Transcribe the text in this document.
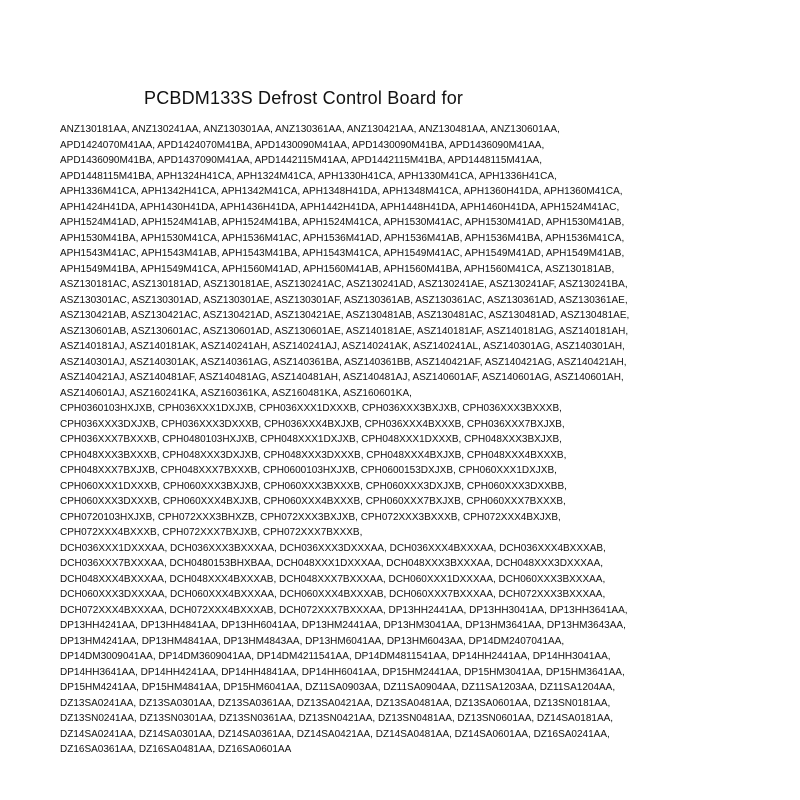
PCBDM133S Defrost Control Board for
ANZ130181AA, ANZ130241AA, ANZ130301AA, ANZ130361AA, ANZ130421AA, ANZ130481AA, ANZ130601AA,
APD1424070M41AA, APD1424070M41BA, APD1430090M41AA, APD1430090M41BA, APD1436090M41AA,
APD1436090M41BA, APD1437090M41AA, APD1442115M41AA, APD1442115M41BA, APD1448115M41AA,
APD1448115M41BA, APH1324H41CA, APH1324M41CA, APH1330H41CA, APH1330M41CA, APH1336H41CA,
APH1336M41CA, APH1342H41CA, APH1342M41CA, APH1348H41DA, APH1348M41CA, APH1360H41DA, APH1360M41CA,
APH1424H41DA, APH1430H41DA, APH1436H41DA, APH1442H41DA, APH1448H41DA, APH1460H41DA, APH1524M41AC,
APH1524M41AD, APH1524M41AB, APH1524M41BA, APH1524M41CA, APH1530M41AC, APH1530M41AD, APH1530M41AB,
APH1530M41BA, APH1530M41CA, APH1536M41AC, APH1536M41AD, APH1536M41AB, APH1536M41BA, APH1536M41CA,
APH1543M41AC, APH1543M41AB, APH1543M41BA, APH1543M41CA, APH1549M41AC, APH1549M41AD, APH1549M41AB,
APH1549M41BA, APH1549M41CA, APH1560M41AD, APH1560M41AB, APH1560M41BA, APH1560M41CA, ASZ130181AB,
ASZ130181AC, ASZ130181AD, ASZ130181AE, ASZ130241AC, ASZ130241AD, ASZ130241AE, ASZ130241AF, ASZ130241BA,
ASZ130301AC, ASZ130301AD, ASZ130301AE, ASZ130301AF, ASZ130361AB, ASZ130361AC, ASZ130361AD, ASZ130361AE,
ASZ130421AB, ASZ130421AC, ASZ130421AD, ASZ130421AE, ASZ130481AB, ASZ130481AC, ASZ130481AD, ASZ130481AE,
ASZ130601AB, ASZ130601AC, ASZ130601AD, ASZ130601AE, ASZ140181AE, ASZ140181AF, ASZ140181AG, ASZ140181AH,
ASZ140181AJ, ASZ140181AK, ASZ140241AH, ASZ140241AJ, ASZ140241AK, ASZ140241AL, ASZ140301AG, ASZ140301AH,
ASZ140301AJ, ASZ140301AK, ASZ140361AG, ASZ140361BA, ASZ140361BB, ASZ140421AF, ASZ140421AG, ASZ140421AH,
ASZ140421AJ, ASZ140481AF, ASZ140481AG, ASZ140481AH, ASZ140481AJ, ASZ140601AF, ASZ140601AG, ASZ140601AH,
ASZ140601AJ, ASZ160241KA, ASZ160361KA, ASZ160481KA, ASZ160601KA,
CPH0360103HXJXB, CPH036XXX1DXJXB, CPH036XXX1DXXXB, CPH036XXX3BXJXB, CPH036XXX3BXXXB,
CPH036XXX3DXJXB, CPH036XXX3DXXXB, CPH036XXX4BXJXB, CPH036XXX4BXXXB, CPH036XXX7BXJXB,
CPH036XXX7BXXXB, CPH0480103HXJXB, CPH048XXX1DXJXB, CPH048XXX1DXXXB, CPH048XXX3BXJXB,
CPH048XXX3BXXXB, CPH048XXX3DXJXB, CPH048XXX3DXXXB, CPH048XXX4BXJXB, CPH048XXX4BXXXB,
CPH048XXX7BXJXB, CPH048XXX7BXXXB, CPH0600103HXJXB, CPH0600153DXJXB, CPH060XXX1DXJXB,
CPH060XXX1DXXXB, CPH060XXX3BXJXB, CPH060XXX3BXXXB, CPH060XXX3DXJXB, CPH060XXX3DXXBB,
CPH060XXX3DXXXB, CPH060XXX4BXJXB, CPH060XXX4BXXXB, CPH060XXX7BXJXB, CPH060XXX7BXXXB,
CPH0720103HXJXB, CPH072XXX3BHXZB, CPH072XXX3BXJXB, CPH072XXX3BXXXB, CPH072XXX4BXJXB,
CPH072XXX4BXXXB, CPH072XXX7BXJXB, CPH072XXX7BXXXB,
DCH036XXX1DXXXAA, DCH036XXX3BXXXAA, DCH036XXX3DXXXAA, DCH036XXX4BXXXAA, DCH036XXX4BXXXAB,
DCH036XXX7BXXXAA, DCH0480153BHXBAA, DCH048XXX1DXXXAA, DCH048XXX3BXXXAA, DCH048XXX3DXXXAA,
DCH048XXX4BXXXAA, DCH048XXX4BXXXAB, DCH048XXX7BXXXAA, DCH060XXX1DXXXAA, DCH060XXX3BXXXAA,
DCH060XXX3DXXXAA, DCH060XXX4BXXXAA, DCH060XXX4BXXXAB, DCH060XXX7BXXXAA, DCH072XXX3BXXXAA,
DCH072XXX4BXXXAA, DCH072XXX4BXXXAB, DCH072XXX7BXXXAA, DP13HH2441AA, DP13HH3041AA, DP13HH3641AA,
DP13HH4241AA, DP13HH4841AA, DP13HH6041AA, DP13HM2441AA, DP13HM3041AA, DP13HM3641AA, DP13HM3643AA,
DP13HM4241AA, DP13HM4841AA, DP13HM4843AA, DP13HM6041AA, DP13HM6043AA, DP14DM2407041AA,
DP14DM3009041AA, DP14DM3609041AA, DP14DM4211541AA, DP14DM4811541AA, DP14HH2441AA, DP14HH3041AA,
DP14HH3641AA, DP14HH4241AA, DP14HH4841AA, DP14HH6041AA, DP15HM2441AA, DP15HM3041AA, DP15HM3641AA,
DP15HM4241AA, DP15HM4841AA, DP15HM6041AA, DZ11SA0903AA, DZ11SA0904AA, DZ11SA1203AA, DZ11SA1204AA,
DZ13SA0241AA, DZ13SA0301AA, DZ13SA0361AA, DZ13SA0421AA, DZ13SA0481AA, DZ13SA0601AA, DZ13SN0181AA,
DZ13SN0241AA, DZ13SN0301AA, DZ13SN0361AA, DZ13SN0421AA, DZ13SN0481AA, DZ13SN0601AA, DZ14SA0181AA,
DZ14SA0241AA, DZ14SA0301AA, DZ14SA0361AA, DZ14SA0421AA, DZ14SA0481AA, DZ14SA0601AA, DZ16SA0241AA,
DZ16SA0361AA, DZ16SA0481AA, DZ16SA0601AA
